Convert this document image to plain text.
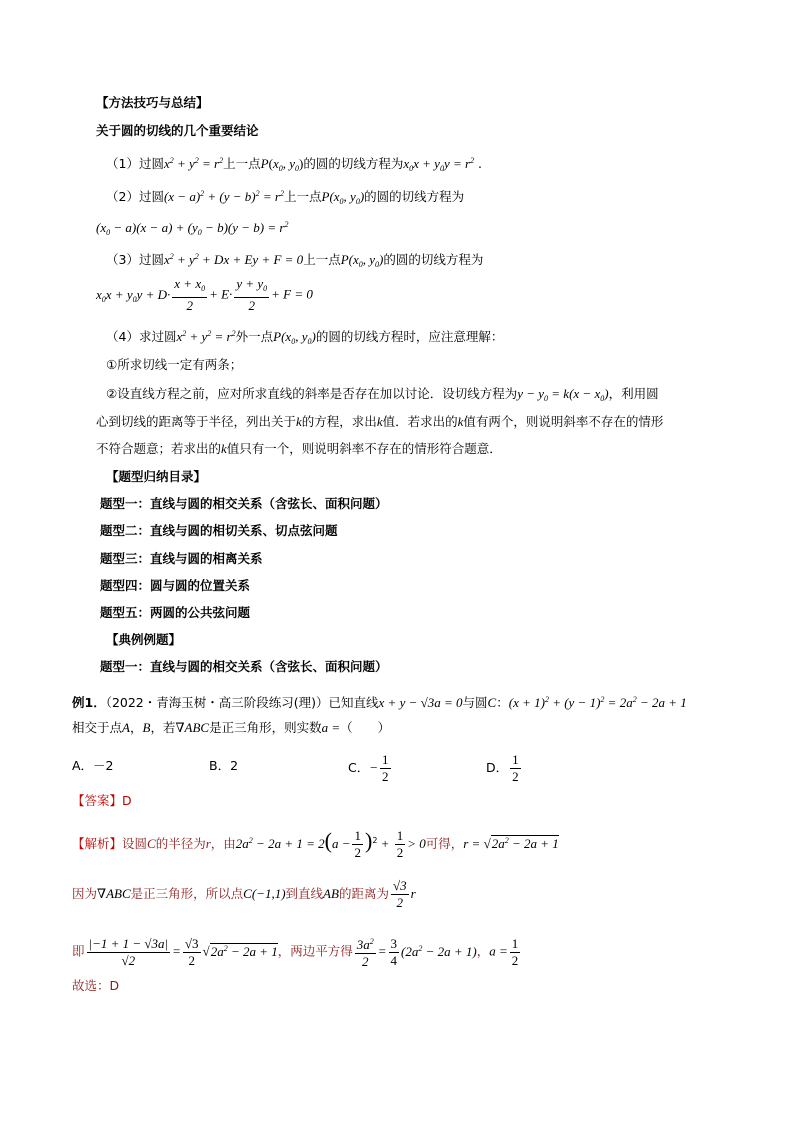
【方法技巧与总结】
关于圆的切线的几个重要结论
（1）过圆$x^2 + y^2 = r^2$上一点$P(x_0$, $y_0$)的圆的切线方程为$x_0x + y_0y = r^2$ .
（2）过圆$(x - a)^2 + (y - b)^2 = r^2$上一点$P(x_0$, $y_0$)的圆的切线方程为
$(x_0 - a)(x - a) + (y_0 - b)(y - b) = r^2$
（3）过圆$x^2 + y^2 + Dx + Ey + F = 0$上一点$P(x_0$, $y_0$)的圆的切线方程为
$x_0x + y_0y + D\cdot \frac{x + x_0}{2} + E\cdot \frac{y + y_0}{2} + F = 0$
（4）求过圆$x^2 + y^2 = r^2$外一点$P(x_0$, $y_0$)的圆的切线方程时，应注意理解：
①所求切线一定有两条；
②设直线方程之前，应对所求直线的斜率是否存在加以讨论．设切线方程为$y - y_0 = k(x - x_0)$，利用圆
心到切线的距离等于半径，列出关于k的方程，求出k值．若求出的k值有两个，则说明斜率不存在的情形
不符合题意；若求出的k值只有一个，则说明斜率不存在的情形符合题意．
【题型归纳目录】
题型一：直线与圆的相交关系（含弦长、面积问题）
题型二：直线与圆的相切关系、切点弦问题
题型三：直线与圆的相离关系
题型四：圆与圆的位置关系
题型五：两圆的公共弦问题
【典例例题】
题型一：直线与圆的相交关系（含弦长、面积问题）
例1．（2022・青海玉树・高三阶段练习(理)）已知直线x + y − √3a = 0与圆C：$(x + 1)^2 + (y - 1)^2 = 2a^2 - 2a + 1$
相交于点A，B，若∇ABC是正三角形，则实数a =（　　）
A．－2	B．2	C．− $\frac{1}{2}$	D． $\frac{1}{2}$
【答案】D
【解析】设圆C的半径为r，由$2a^2 - 2a + 1 = 2(a - \frac{1}{2} )^2 + \frac{1}{2} > 0$可得，$r = √2a^2 - 2a + 1$
因为∇ABC是正三角形，所以点C(−1,1)到直线AB的距离为 $\frac{√3}{2}$ r
即 $\frac{|-1 + 1 - √3a|}{√2} = \frac{√3}{2} √2a^2 - 2a + 1$，两边平方得 $\frac{3a^2}{2} = \frac{3}{4} (2a^2 - 2a + 1)$，$a = \frac{1}{2}$
故选：D
